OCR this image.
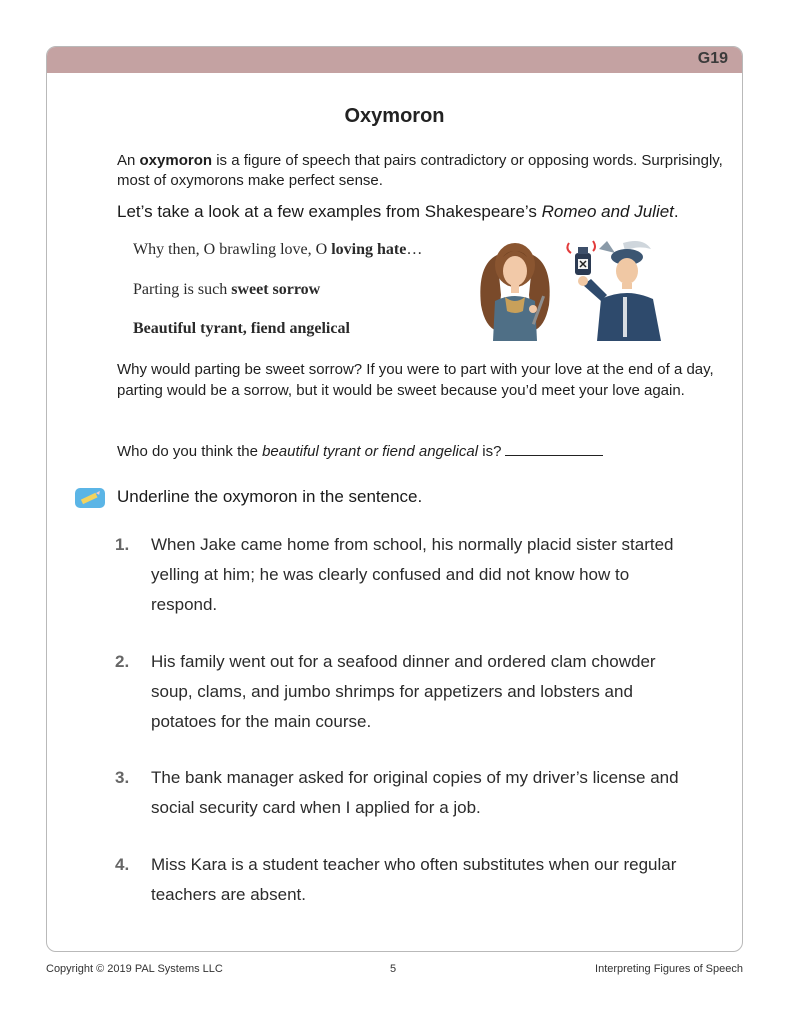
G19
Oxymoron
An oxymoron is a figure of speech that pairs contradictory or opposing words. Surprisingly, most of oxymorons make perfect sense.
Let’s take a look at a few examples from Shakespeare’s Romeo and Juliet.
Why then, O brawling love, O loving hate…
Parting is such sweet sorrow
Beautiful tyrant, fiend angelical
Why would parting be sweet sorrow? If you were to part with your love at the end of a day, parting would be a sorrow, but it would be sweet because you’d meet your love again.
Who do you think the beautiful tyrant or fiend angelical is?
Underline the oxymoron in the sentence.
1.	When Jake came home from school, his normally placid sister started yelling at him; he was clearly confused and did not know how to respond.
2.	His family went out for a seafood dinner and ordered clam chowder soup, clams, and jumbo shrimps for appetizers and lobsters and potatoes for the main course.
3.	The bank manager asked for original copies of my driver’s license and social security card when I applied for a job.
4.	Miss Kara is a student teacher who often substitutes when our regular teachers are absent.
Copyright © 2019 PAL Systems LLC	5	Interpreting Figures of Speech
